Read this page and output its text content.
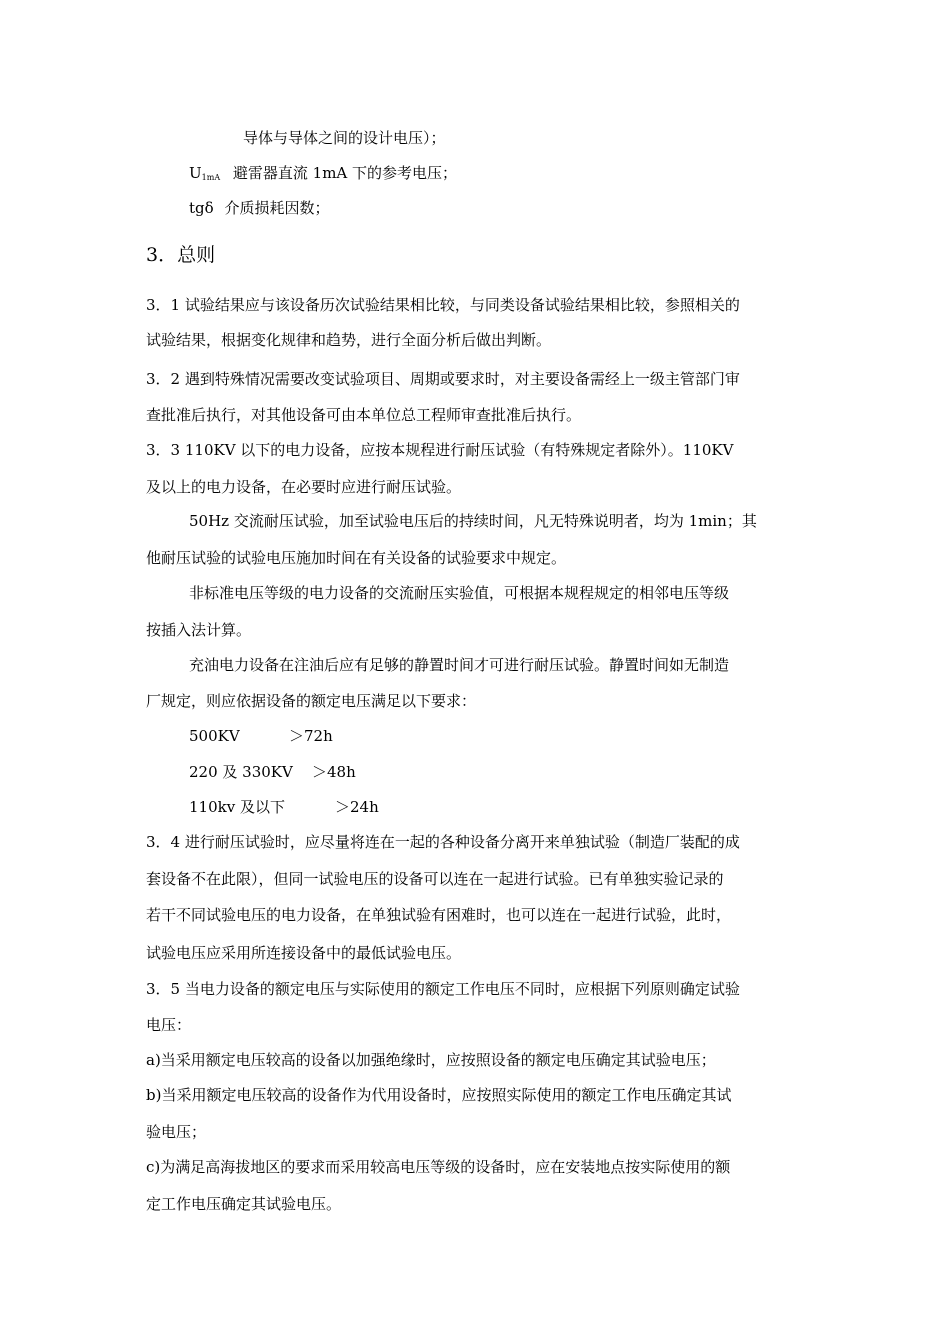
导体与导体之间的设计电压）；
$U_{1mA}$ 避雷器直流 1mA 下的参考电压；
tgδ 介质损耗因数；
3．总则
3．1 试验结果应与该设备历次试验结果相比较，与同类设备试验结果相比较，参照相关的
试验结果，根据变化规律和趋势，进行全面分析后做出判断。
3．2 遇到特殊情况需要改变试验项目、周期或要求时，对主要设备需经上一级主管部门审
查批准后执行，对其他设备可由本单位总工程师审查批准后执行。
3．3 110KV 以下的电力设备，应按本规程进行耐压试验（有特殊规定者除外）。110KV
及以上的电力设备，在必要时应进行耐压试验。
50Hz 交流耐压试验，加至试验电压后的持续时间，凡无特殊说明者，均为 1min；其
他耐压试验的试验电压施加时间在有关设备的试验要求中规定。
非标准电压等级的电力设备的交流耐压实验值，可根据本规程规定的相邻电压等级
按插入法计算。
充油电力设备在注油后应有足够的静置时间才可进行耐压试验。静置时间如无制造
厂规定，则应依据设备的额定电压满足以下要求：
500KV	＞72h
220 及 330KV ＞48h
110kv 及以下	＞24h
3．4 进行耐压试验时，应尽量将连在一起的各种设备分离开来单独试验（制造厂装配的成
套设备不在此限），但同一试验电压的设备可以连在一起进行试验。已有单独实验记录的
若干不同试验电压的电力设备，在单独试验有困难时，也可以连在一起进行试验，此时，
试验电压应采用所连接设备中的最低试验电压。
3．5 当电力设备的额定电压与实际使用的额定工作电压不同时，应根据下列原则确定试验
电压：
a)当采用额定电压较高的设备以加强绝缘时，应按照设备的额定电压确定其试验电压；
b)当采用额定电压较高的设备作为代用设备时，应按照实际使用的额定工作电压确定其试
验电压；
c)为满足高海拔地区的要求而采用较高电压等级的设备时，应在安装地点按实际使用的额
定工作电压确定其试验电压。
